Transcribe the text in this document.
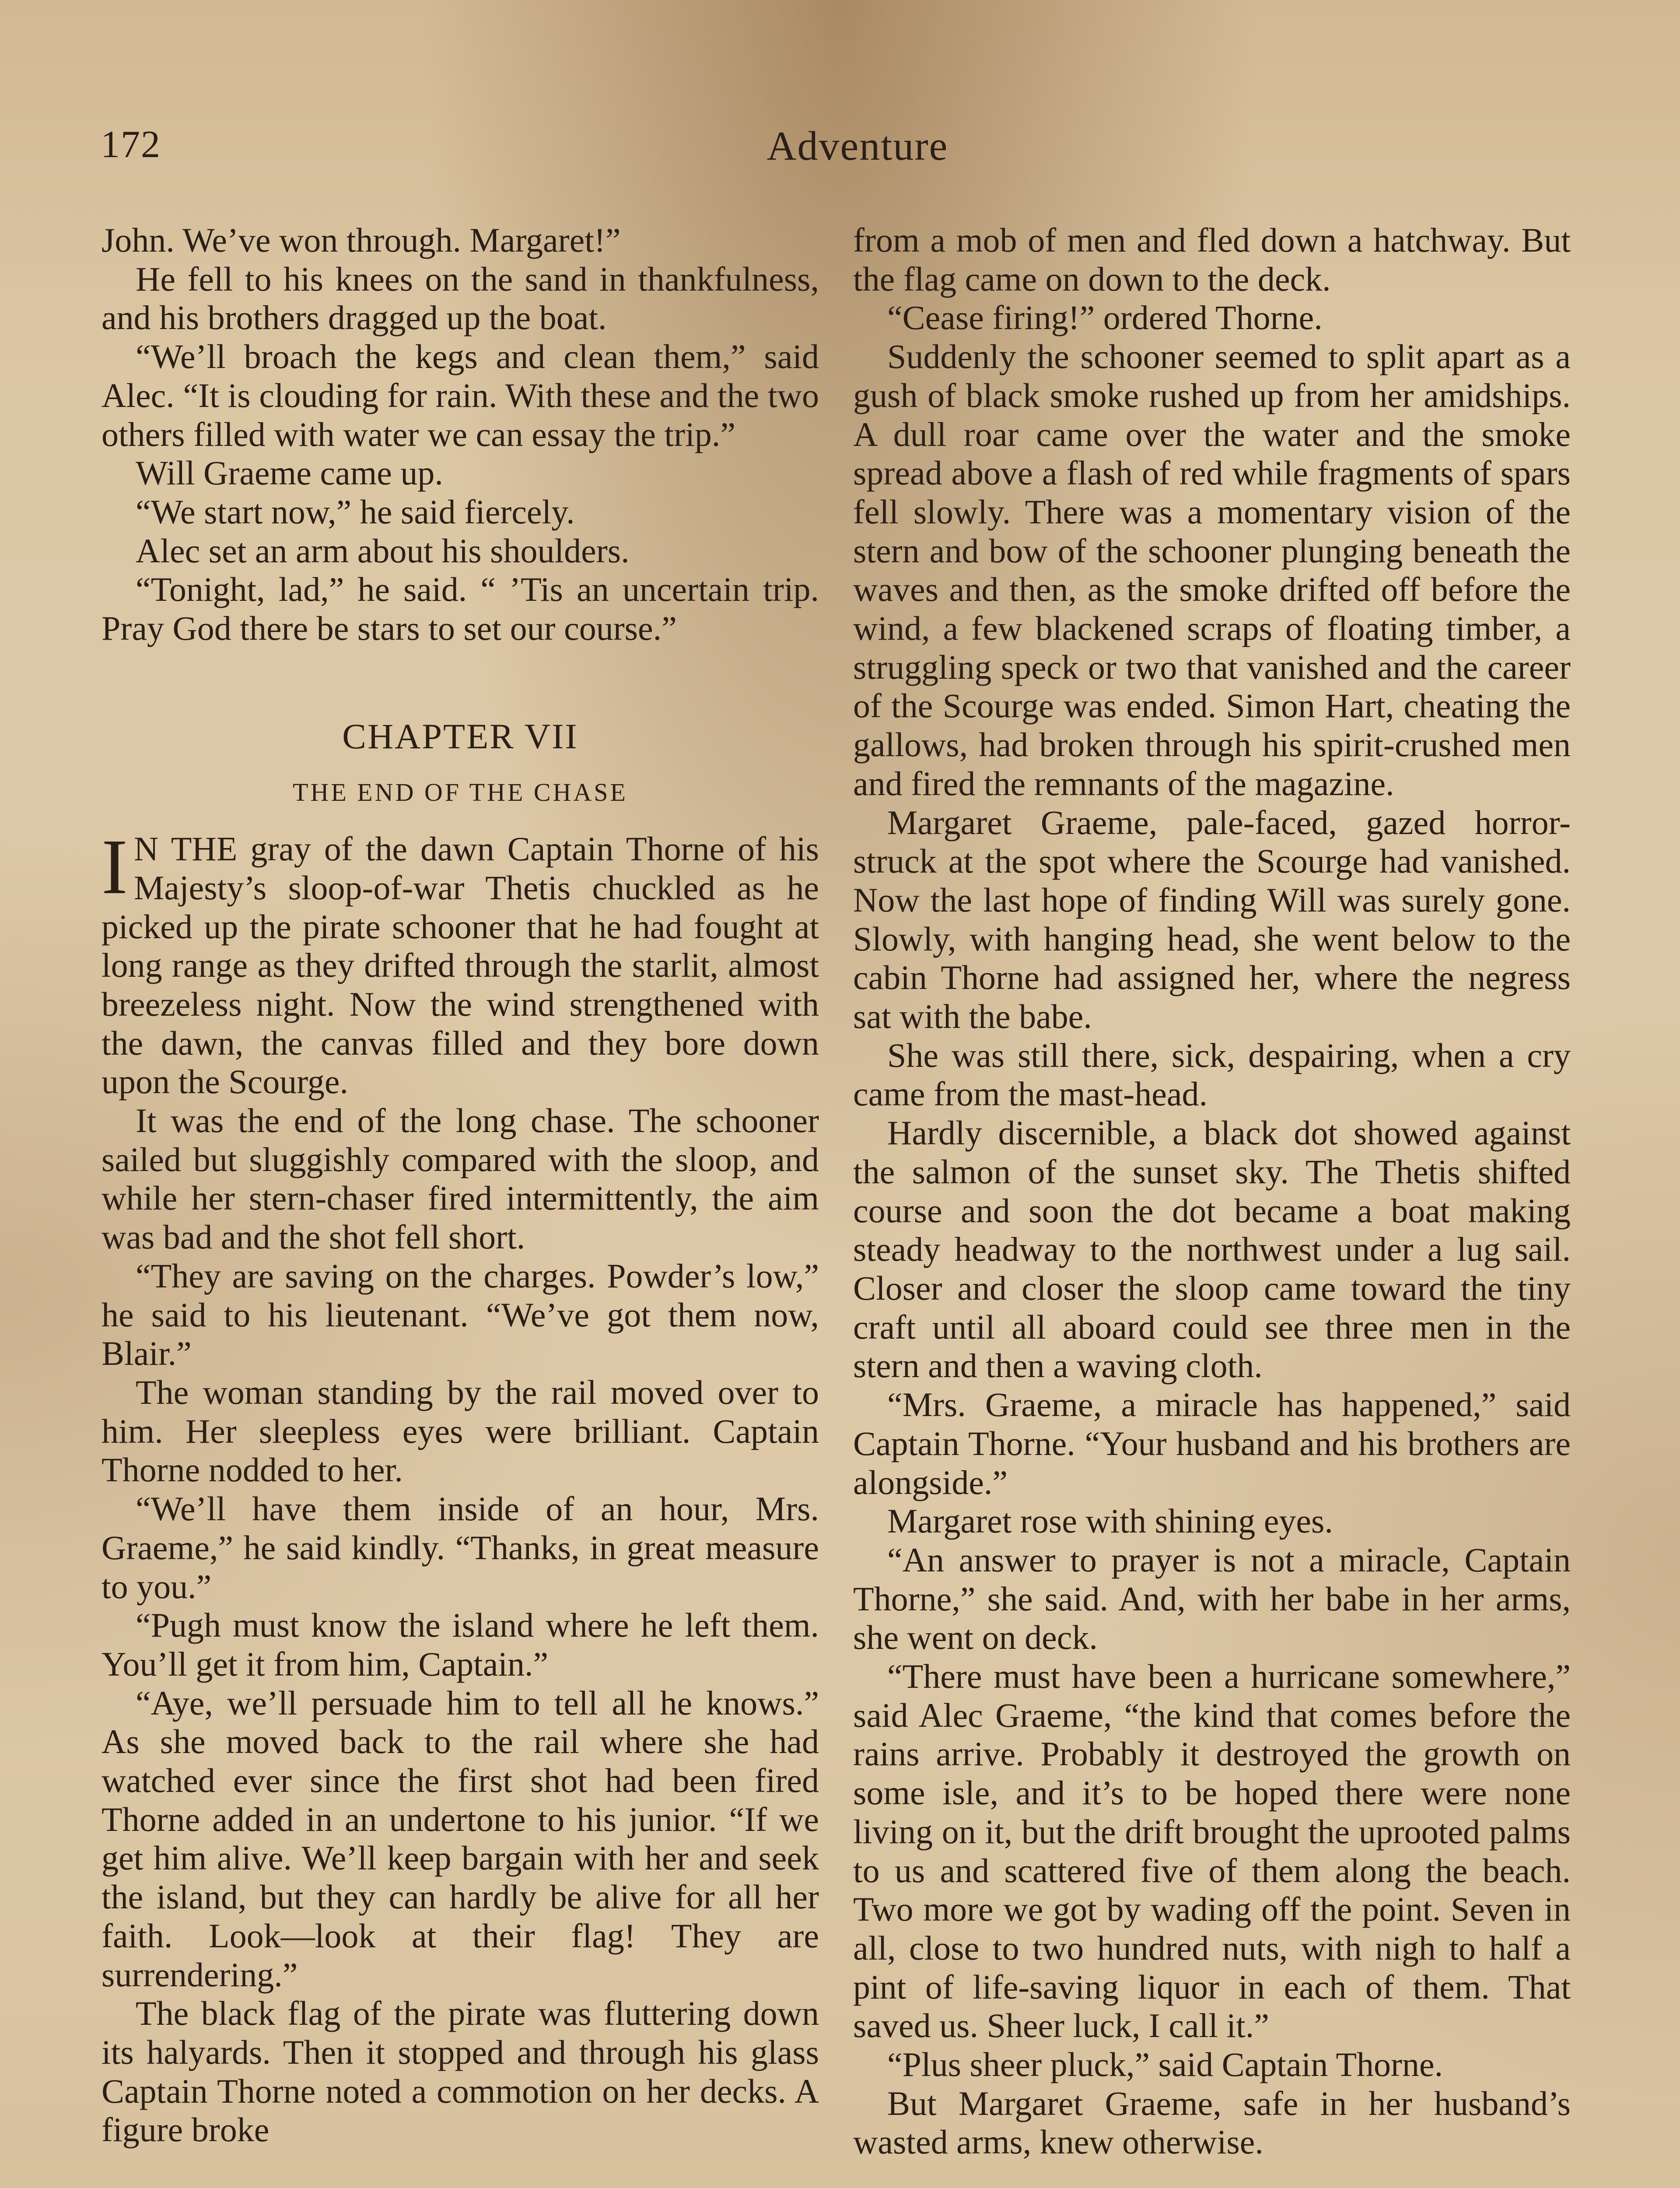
172	Adventure

John. We’ve won through. Margaret!”

He fell to his knees on the sand in thankfulness, and his brothers dragged up the boat.

“We’ll broach the kegs and clean them,” said Alec. “It is clouding for rain. With these and the two others filled with water we can essay the trip.”

Will Graeme came up.

“We start now,” he said fiercely.

Alec set an arm about his shoulders.

“Tonight, lad,” he said. “ ’Tis an uncertain trip. Pray God there be stars to set our course.”

CHAPTER VII
THE END OF THE CHASE

I N THE gray of the dawn Captain Thorne of his Majesty’s sloop-of-war Thetis chuckled as he picked up the pirate schooner that he had fought at long range as they drifted through the starlit, almost breezeless night. Now the wind strengthened with the dawn, the canvas filled and they bore down upon the Scourge.

It was the end of the long chase. The schooner sailed but sluggishly compared with the sloop, and while her stern-chaser fired intermittently, the aim was bad and the shot fell short.

“They are saving on the charges. Powder’s low,” he said to his lieutenant. “We’ve got them now, Blair.”

The woman standing by the rail moved over to him. Her sleepless eyes were brilliant. Captain Thorne nodded to her.

“We’ll have them inside of an hour, Mrs. Graeme,” he said kindly. “Thanks, in great measure to you.”

“Pugh must know the island where he left them. You’ll get it from him, Captain.”

“Aye, we’ll persuade him to tell all he knows.” As she moved back to the rail where she had watched ever since the first shot had been fired Thorne added in an undertone to his junior. “If we get him alive. We’ll keep bargain with her and seek the island, but they can hardly be alive for all her faith. Look—look at their flag! They are surrendering.”

The black flag of the pirate was fluttering down its halyards. Then it stopped and through his glass Captain Thorne noted a commotion on her decks. A figure broke

from a mob of men and fled down a hatchway. But the flag came on down to the deck.

“Cease firing!” ordered Thorne.

Suddenly the schooner seemed to split apart as a gush of black smoke rushed up from her amidships. A dull roar came over the water and the smoke spread above a flash of red while fragments of spars fell slowly. There was a momentary vision of the stern and bow of the schooner plunging beneath the waves and then, as the smoke drifted off before the wind, a few blackened scraps of floating timber, a struggling speck or two that vanished and the career of the Scourge was ended. Simon Hart, cheating the gallows, had broken through his spirit-crushed men and fired the remnants of the magazine.

Margaret Graeme, pale-faced, gazed horror-struck at the spot where the Scourge had vanished. Now the last hope of finding Will was surely gone. Slowly, with hanging head, she went below to the cabin Thorne had assigned her, where the negress sat with the babe.

She was still there, sick, despairing, when a cry came from the mast-head.

Hardly discernible, a black dot showed against the salmon of the sunset sky. The Thetis shifted course and soon the dot became a boat making steady headway to the northwest under a lug sail. Closer and closer the sloop came toward the tiny craft until all aboard could see three men in the stern and then a waving cloth.

“Mrs. Graeme, a miracle has happened,” said Captain Thorne. “Your husband and his brothers are alongside.”

Margaret rose with shining eyes.

“An answer to prayer is not a miracle, Captain Thorne,” she said. And, with her babe in her arms, she went on deck.

“There must have been a hurricane somewhere,” said Alec Graeme, “the kind that comes before the rains arrive. Probably it destroyed the growth on some isle, and it’s to be hoped there were none living on it, but the drift brought the uprooted palms to us and scattered five of them along the beach. Two more we got by wading off the point. Seven in all, close to two hundred nuts, with nigh to half a pint of life-saving liquor in each of them. That saved us. Sheer luck, I call it.”

“Plus sheer pluck,” said Captain Thorne.

But Margaret Graeme, safe in her husband’s wasted arms, knew otherwise.
